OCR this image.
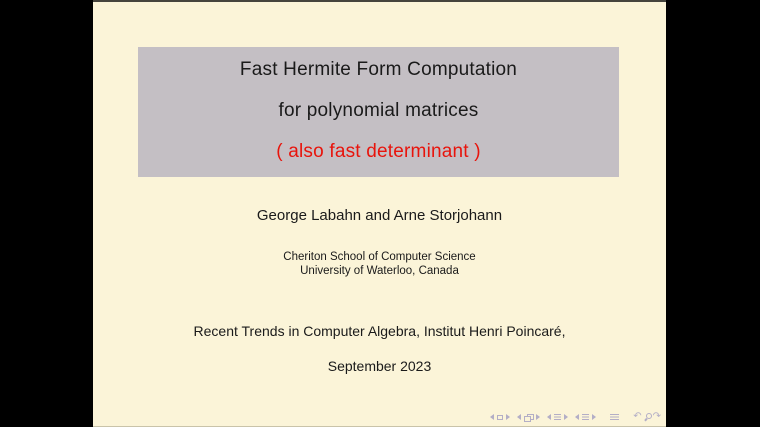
Fast Hermite Form Computation
for polynomial matrices
( also fast determinant )
George Labahn and Arne Storjohann
Cheriton School of Computer Science
University of Waterloo, Canada
Recent Trends in Computer Algebra, Institut Henri Poincaré,
September 2023
↶ ↷
